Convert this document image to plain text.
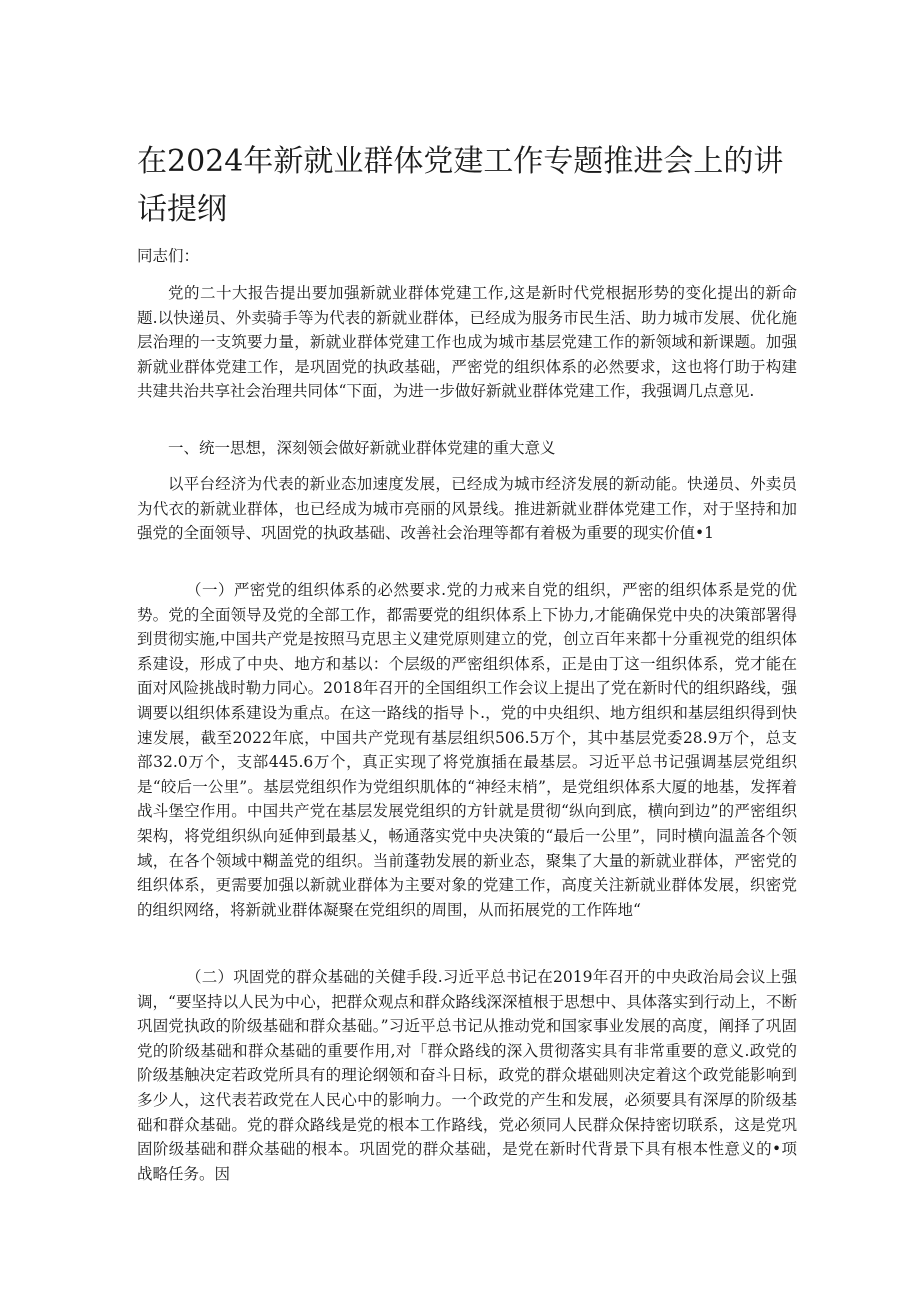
在2024年新就业群体党建工作专题推进会上的讲话提纲

同志们：

党的二十大报告提出要加强新就业群体党建工作,这是新时代党根据形势的变化提出的新命题.以快递员、外卖骑手等为代表的新就业群体，已经成为服务市民生活、助力城市发展、优化施层治理的一支筑要力量，新就业群体党建工作也成为城市基层党建工作的新领域和新课题。加强新就业群体党建工作，是巩固党的执政基础，严密党的组织体系的必然要求，这也将仃助于构建共建共治共享社会治理共同体“下面，为进一步做好新就业群体党建工作，我强调几点意见.

一、统一思想，深刻领会做好新就业群体党建的重大意义

以平台经济为代表的新业态加速度发展，已经成为城市经济发展的新动能。快递员、外卖员为代衣的新就业群体，也已经成为城市亮丽的风景线。推进新就业群体党建工作，对于坚持和加强党的全面领导、巩固党的执政基础、改善社会治理等都有着极为重要的现实价值•1

（一）严密党的组织体系的必然要求.党的力戒来自党的组织，严密的组织体系是党的优势。党的全面领导及党的全部工作，都需要党的组织体系上下协力,才能确保党中央的决策部署得到贯彻实施,中国共产党是按照马克思主义建党原则建立的党，创立百年来都十分重视党的组织体系建设，形成了中央、地方和基以：个层级的严密组织体系，正是由丁这一组织体系，党才能在面对风险挑战时勒力同心。2018年召开的全国组织工作会议上提出了党在新时代的组织路线，强调要以组织体系建设为重点。在这一路线的指导卜.，党的中央组织、地方组织和基层组织得到快速发展，截至2022年底，中国共产党现有基层组织506.5万个，其中基层党委28.9万个，总支部32.0万个，支部445.6万个，真正实现了将党旗插在最基层。习近平总书记强调基层党组织是“皎后一公里”。基层党组织作为党组织肌体的“神经末梢”，是党组织体系大厦的地基，发挥着战斗堡空作用。中国共产党在基层发展党组织的方针就是贯彻“纵向到底，横向到边”的严密组织架构，将党组织纵向延伸到最基乂，畅通落实党中央决策的“最后一公里”，同时横向温盖各个领域，在各个领域中糊盖党的组织。当前蓬勃发展的新业态，聚集了大量的新就业群体，严密党的组织体系，更需要加强以新就业群体为主要对象的党建工作，高度关注新就业群体发展，织密党的组织网络，将新就业群体凝聚在党组织的周围，从而拓展党的工作阵地“

（二）巩固党的群众基础的关健手段.习近平总书记在2019年召开的中央政治局会议上强调，“要坚持以人民为中心，把群众观点和群众路线深深植根于思想中、具体落实到行动上，不断巩固党执政的阶级基础和群众基础。”习近平总书记从推动党和国家事业发展的高度，阐择了巩固党的阶级基础和群众基础的重要作用,对「群众路线的深入贯彻落实具有非常重要的意义.政党的阶级基触决定若政党所具有的理论纲领和奋斗日标，政党的群众堪础则决定着这个政党能影响到多少人，这代表若政党在人民心中的影响力。一个政党的产生和发展，必须要具有深厚的阶级基础和群众基础。党的群众路线是党的根本工作路线，党必须同人民群众保持密切联系，这是党巩固阶级基础和群众基础的根本。巩固党的群众基础，是党在新时代背景下具有根本性意义的•项战略任务。因
